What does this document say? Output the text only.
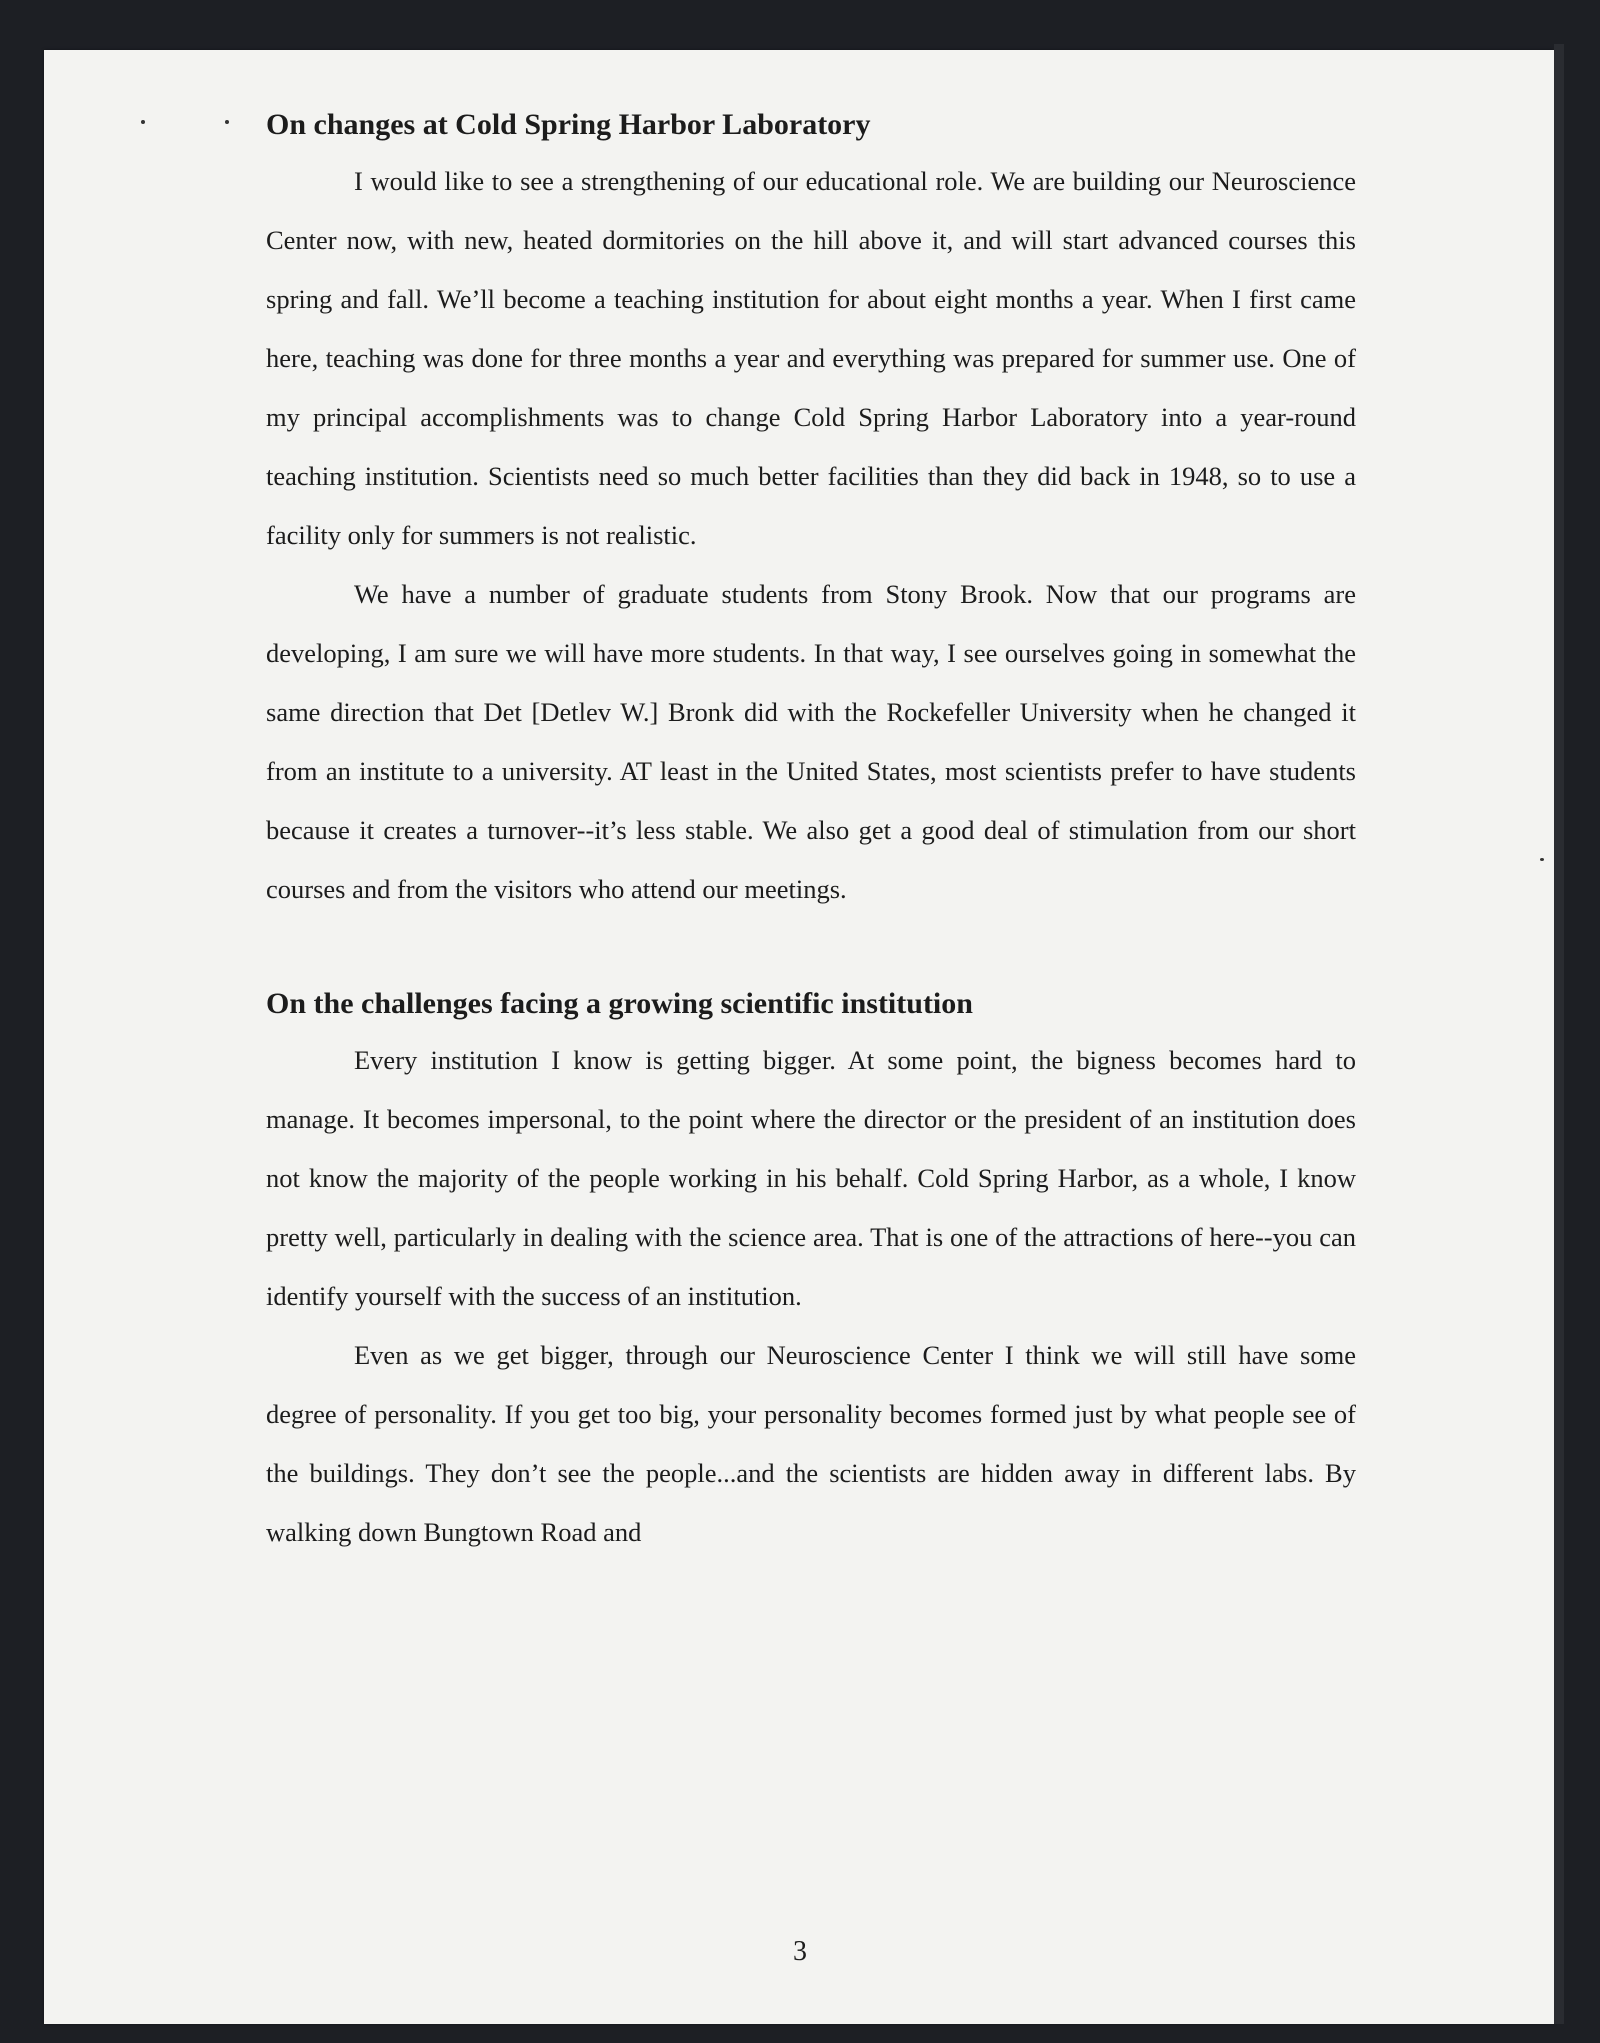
On changes at Cold Spring Harbor Laboratory

I would like to see a strengthening of our educational role. We are building our Neuroscience Center now, with new, heated dormitories on the hill above it, and will start advanced courses this spring and fall. We’ll become a teaching institution for about eight months a year. When I first came here, teaching was done for three months a year and everything was prepared for summer use. One of my principal accomplishments was to change Cold Spring Harbor Laboratory into a year-round teaching institution. Scientists need so much better facilities than they did back in 1948, so to use a facility only for summers is not realistic.

We have a number of graduate students from Stony Brook. Now that our programs are developing, I am sure we will have more students. In that way, I see ourselves going in somewhat the same direction that Det [Detlev W.] Bronk did with the Rockefeller University when he changed it from an institute to a university. AT least in the United States, most scientists prefer to have students because it creates a turnover--it’s less stable. We also get a good deal of stimulation from our short courses and from the visitors who attend our meetings.

On the challenges facing a growing scientific institution

Every institution I know is getting bigger. At some point, the bigness becomes hard to manage. It becomes impersonal, to the point where the director or the president of an institution does not know the majority of the people working in his behalf. Cold Spring Harbor, as a whole, I know pretty well, particularly in dealing with the science area. That is one of the attractions of here--you can identify yourself with the success of an institution.

Even as we get bigger, through our Neuroscience Center I think we will still have some degree of personality. If you get too big, your personality becomes formed just by what people see of the buildings. They don’t see the people...and the scientists are hidden away in different labs. By walking down Bungtown Road and

3
